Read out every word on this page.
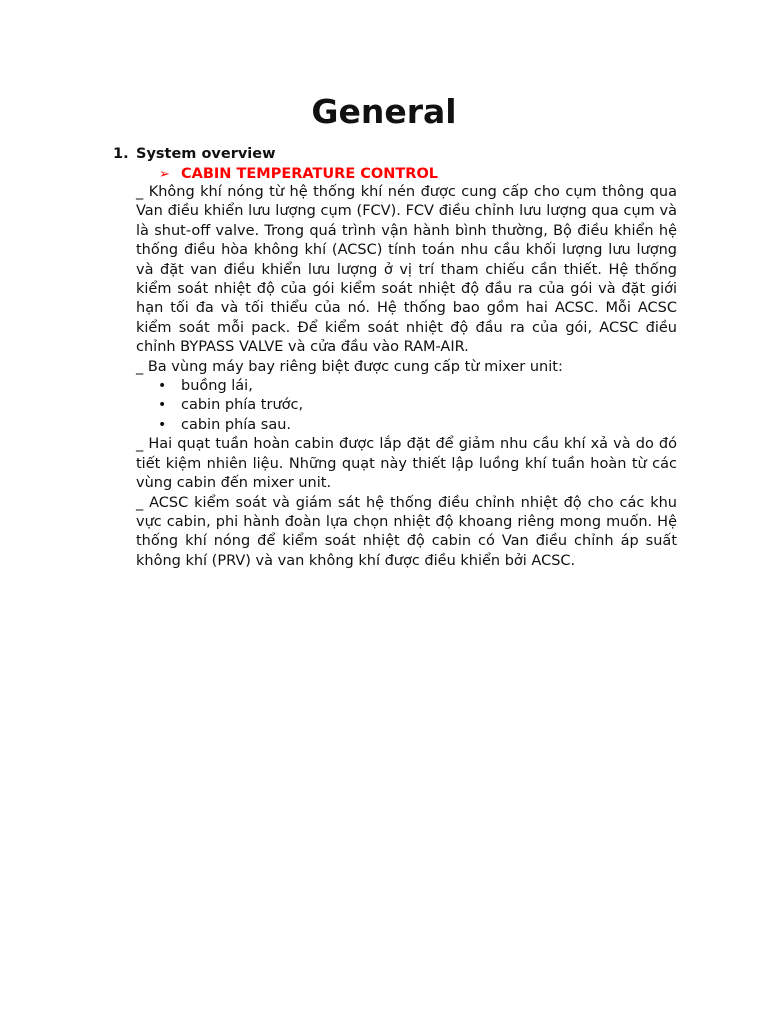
General
1. System overview
➢ CABIN TEMPERATURE CONTROL

_ Không khí nóng từ hệ thống khí nén được cung cấp cho cụm thông qua Van điều khiển lưu lượng cụm (FCV). FCV điều chỉnh lưu lượng qua cụm và là shut-off valve. Trong quá trình vận hành bình thường, Bộ điều khiển hệ thống điều hòa không khí (ACSC) tính toán nhu cầu khối lượng lưu lượng và đặt van điều khiển lưu lượng ở vị trí tham chiếu cần thiết. Hệ thống kiểm soát nhiệt độ của gói kiểm soát nhiệt độ đầu ra của gói và đặt giới hạn tối đa và tối thiểu của nó. Hệ thống bao gồm hai ACSC. Mỗi ACSC kiểm soát mỗi pack. Để kiểm soát nhiệt độ đầu ra của gói, ACSC điều chỉnh BYPASS VALVE và cửa đầu vào RAM-AIR.

_ Ba vùng máy bay riêng biệt được cung cấp từ mixer unit:

• buồng lái,
• cabin phía trước,
• cabin phía sau.

_ Hai quạt tuần hoàn cabin được lắp đặt để giảm nhu cầu khí xả và do đó tiết kiệm nhiên liệu. Những quạt này thiết lập luồng khí tuần hoàn từ các vùng cabin đến mixer unit.

_ ACSC kiểm soát và giám sát hệ thống điều chỉnh nhiệt độ cho các khu vực cabin, phi hành đoàn lựa chọn nhiệt độ khoang riêng mong muốn. Hệ thống khí nóng để kiểm soát nhiệt độ cabin có Van điều chỉnh áp suất không khí (PRV) và van không khí được điều khiển bởi ACSC.
